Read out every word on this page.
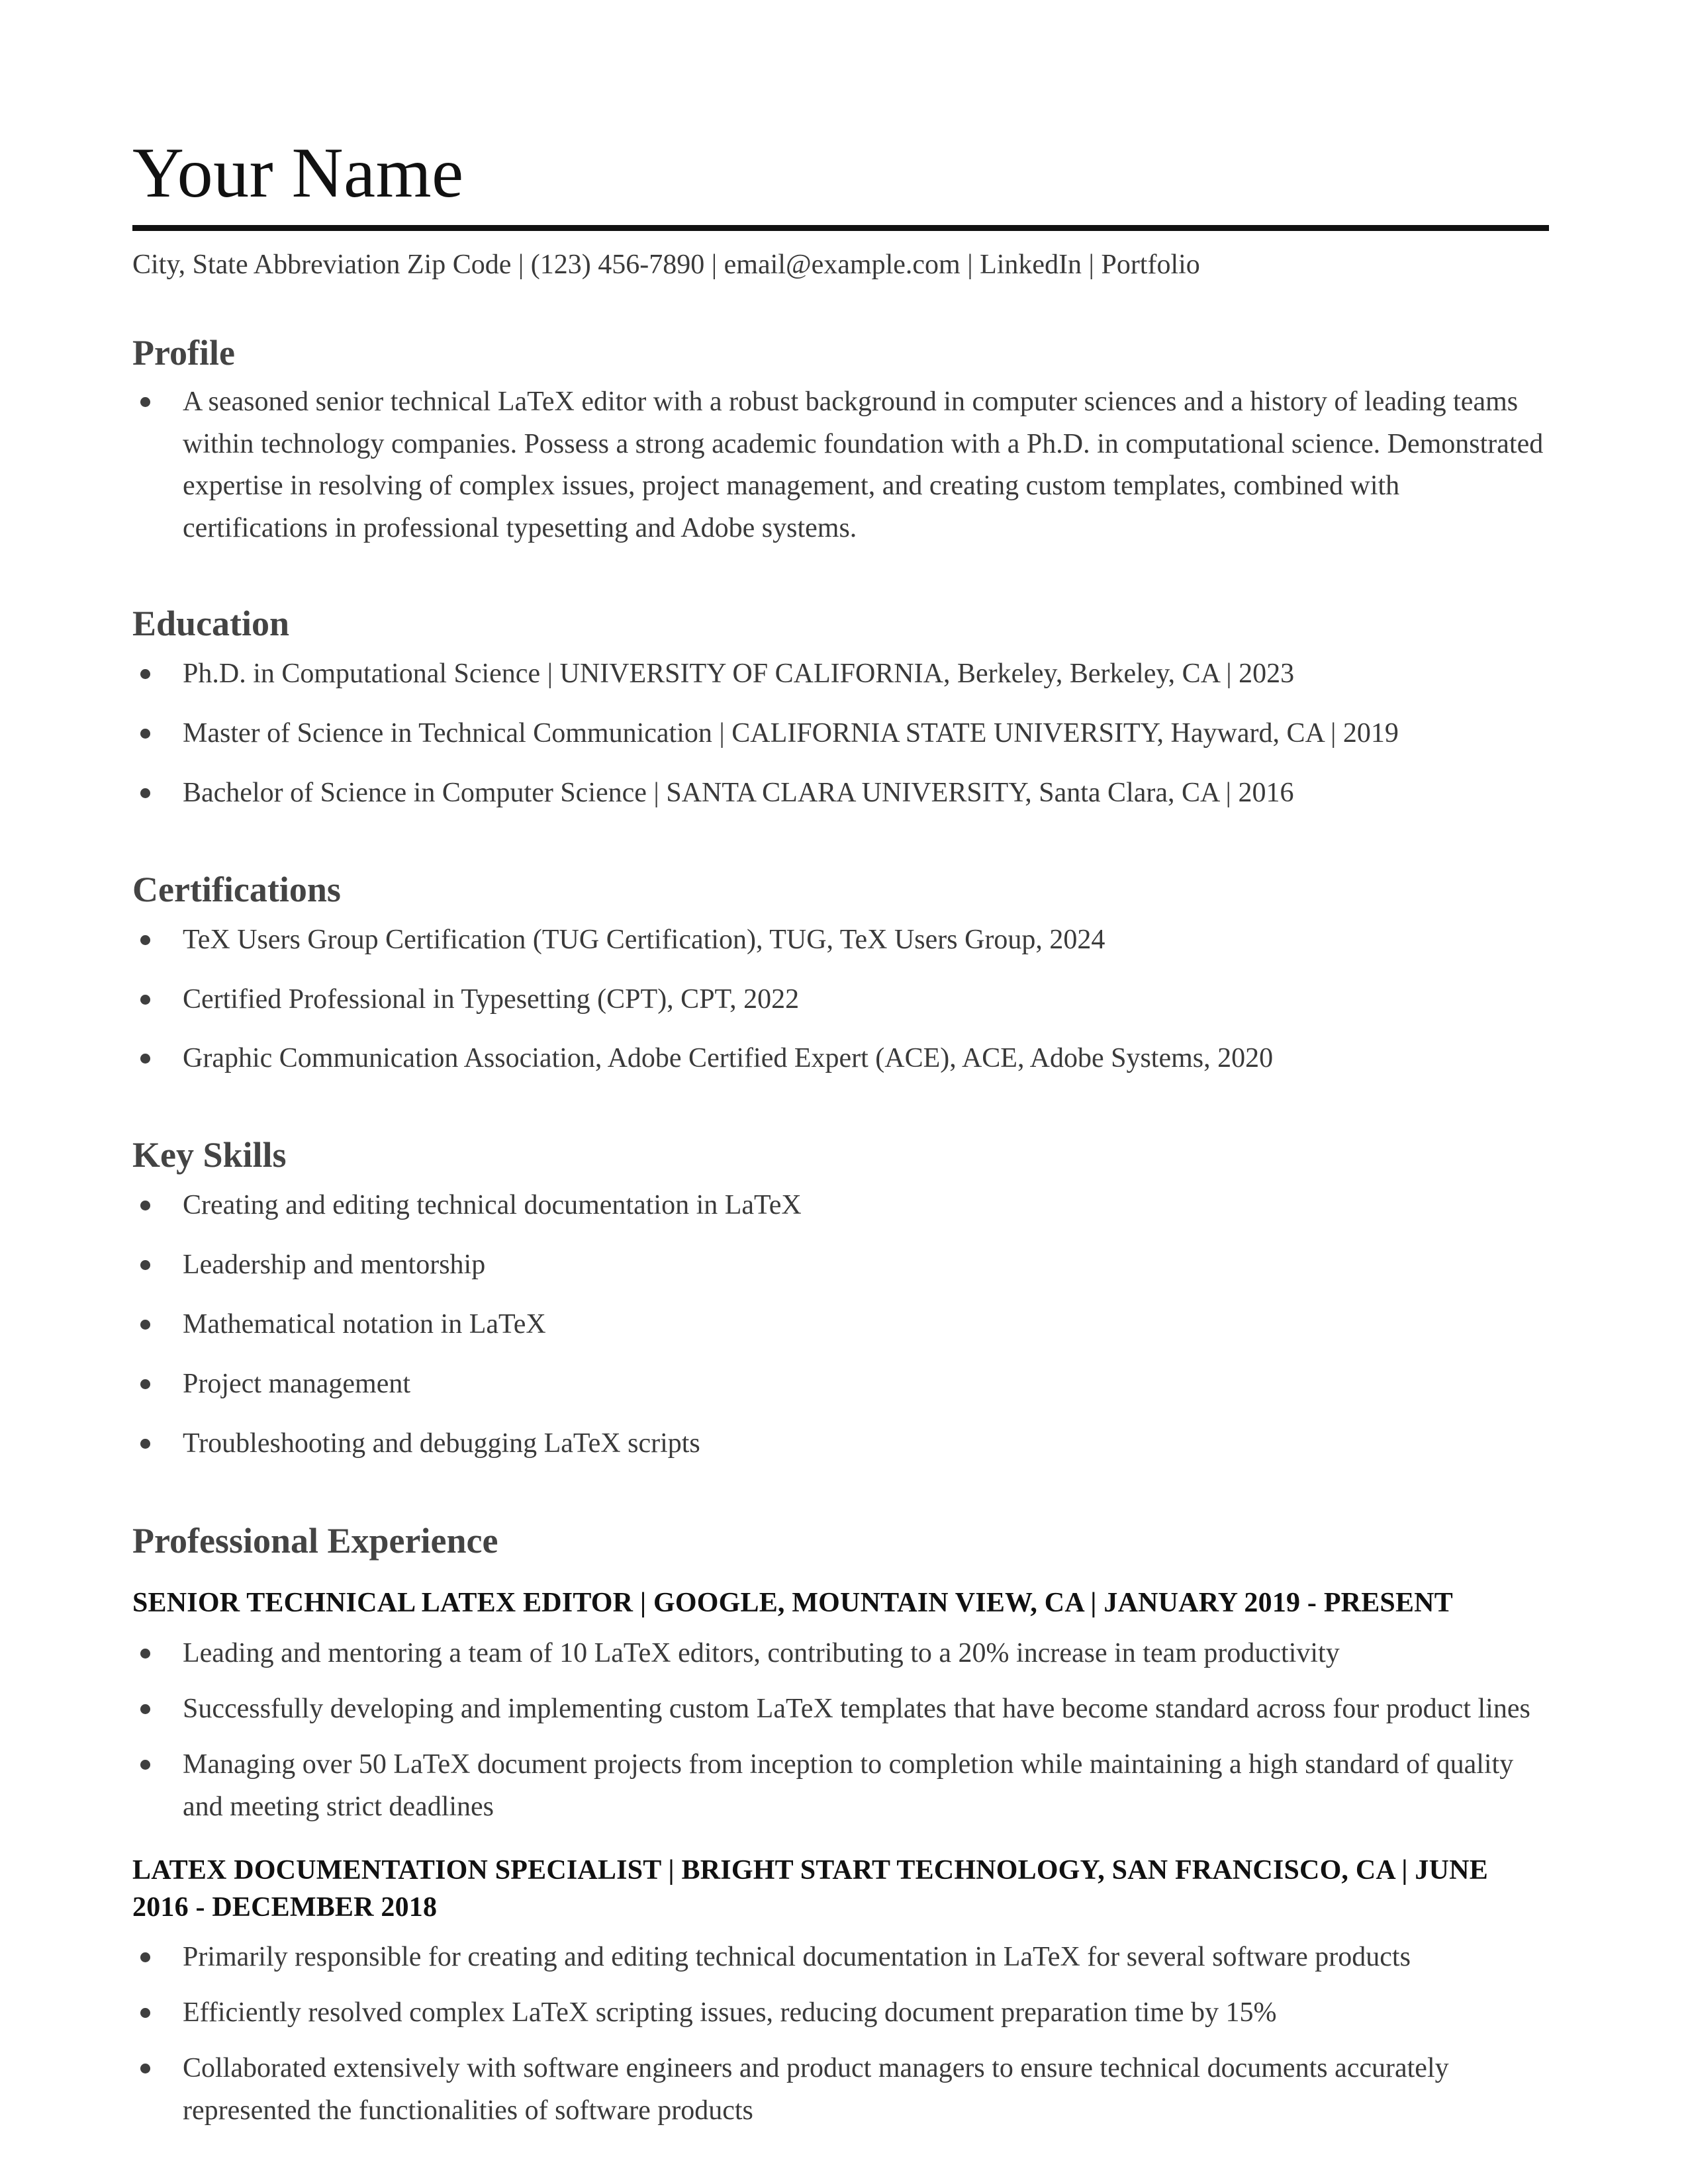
Your Name
City, State Abbreviation Zip Code | (123) 456-7890 | email@example.com | LinkedIn | Portfolio
Profile
A seasoned senior technical LaTeX editor with a robust background in computer sciences and a history of leading teams within technology companies. Possess a strong academic foundation with a Ph.D. in computational science. Demonstrated expertise in resolving of complex issues, project management, and creating custom templates, combined with certifications in professional typesetting and Adobe systems.
Education
Ph.D. in Computational Science | UNIVERSITY OF CALIFORNIA, Berkeley, Berkeley, CA | 2023
Master of Science in Technical Communication | CALIFORNIA STATE UNIVERSITY, Hayward, CA | 2019
Bachelor of Science in Computer Science | SANTA CLARA UNIVERSITY, Santa Clara, CA | 2016
Certifications
TeX Users Group Certification (TUG Certification), TUG, TeX Users Group, 2024
Certified Professional in Typesetting (CPT), CPT, 2022
Graphic Communication Association, Adobe Certified Expert (ACE), ACE, Adobe Systems, 2020
Key Skills
Creating and editing technical documentation in LaTeX
Leadership and mentorship
Mathematical notation in LaTeX
Project management
Troubleshooting and debugging LaTeX scripts
Professional Experience
SENIOR TECHNICAL LATEX EDITOR | GOOGLE, MOUNTAIN VIEW, CA | JANUARY 2019 - PRESENT
Leading and mentoring a team of 10 LaTeX editors, contributing to a 20% increase in team productivity
Successfully developing and implementing custom LaTeX templates that have become standard across four product lines
Managing over 50 LaTeX document projects from inception to completion while maintaining a high standard of quality and meeting strict deadlines
LATEX DOCUMENTATION SPECIALIST | BRIGHT START TECHNOLOGY, SAN FRANCISCO, CA | JUNE 2016 - DECEMBER 2018
Primarily responsible for creating and editing technical documentation in LaTeX for several software products
Efficiently resolved complex LaTeX scripting issues, reducing document preparation time by 15%
Collaborated extensively with software engineers and product managers to ensure technical documents accurately represented the functionalities of software products
